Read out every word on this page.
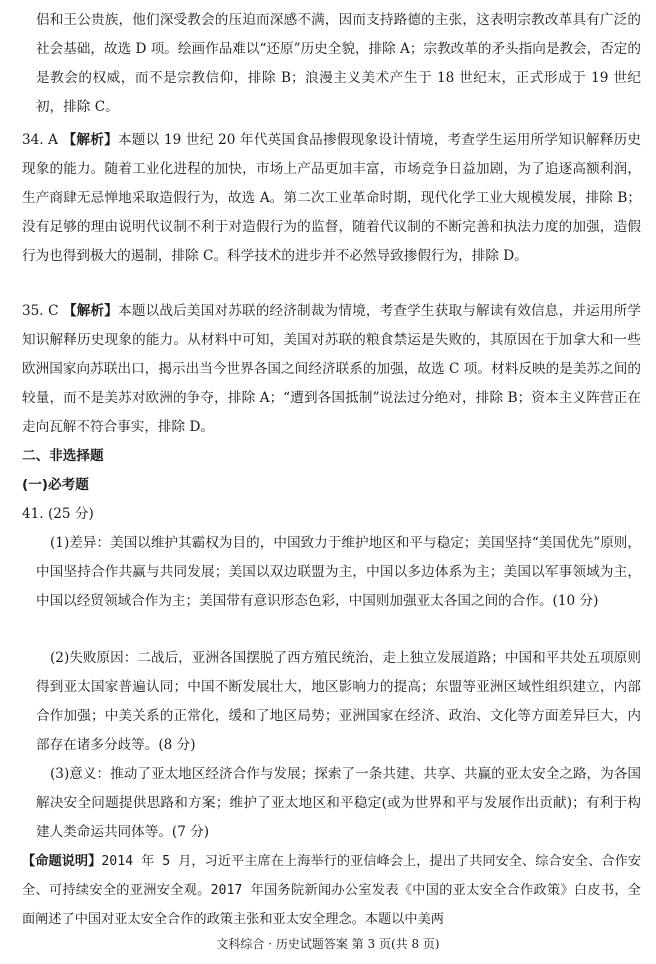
侣和王公贵族，他们深受教会的压迫而深感不满，因而支持路德的主张，这表明宗教改革具有广泛的社会基础，故选 D 项。绘画作品难以“还原”历史全貌，排除 A；宗教改革的矛头指向是教会，否定的是教会的权威，而不是宗教信仰，排除 B；浪漫主义美术产生于 18 世纪末，正式形成于 19 世纪初，排除 C。

34. A 【解析】本题以 19 世纪 20 年代英国食品掺假现象设计情境，考查学生运用所学知识解释历史现象的能力。随着工业化进程的加快，市场上产品更加丰富，市场竞争日益加剧，为了追逐高额利润，生产商肆无忌惮地采取造假行为，故选 A。第二次工业革命时期，现代化学工业大规模发展，排除 B；没有足够的理由说明代议制不利于对造假行为的监督，随着代议制的不断完善和执法力度的加强，造假行为也得到极大的遏制，排除 C。科学技术的进步并不必然导致掺假行为，排除 D。

35. C 【解析】本题以战后美国对苏联的经济制裁为情境，考查学生获取与解读有效信息，并运用所学知识解释历史现象的能力。从材料中可知，美国对苏联的粮食禁运是失败的，其原因在于加拿大和一些欧洲国家向苏联出口，揭示出当今世界各国之间经济联系的加强，故选 C 项。材料反映的是美苏之间的较量，而不是美苏对欧洲的争夺，排除 A；“遭到各国抵制”说法过分绝对，排除 B；资本主义阵营正在走向瓦解不符合事实，排除 D。

二、非选择题

(一)必考题

41. (25 分)

(1)差异：美国以维护其霸权为目的，中国致力于维护地区和平与稳定；美国坚持“美国优先”原则，中国坚持合作共赢与共同发展；美国以双边联盟为主，中国以多边体系为主；美国以军事领域为主，中国以经贸领域合作为主；美国带有意识形态色彩，中国则加强亚太各国之间的合作。(10 分)

(2)失败原因：二战后，亚洲各国摆脱了西方殖民统治，走上独立发展道路；中国和平共处五项原则得到亚太国家普遍认同；中国不断发展壮大，地区影响力的提高；东盟等亚洲区域性组织建立，内部合作加强；中美关系的正常化，缓和了地区局势；亚洲国家在经济、政治、文化等方面差异巨大，内部存在诸多分歧等。(8 分)

(3)意义：推动了亚太地区经济合作与发展；探索了一条共建、共享、共赢的亚太安全之路，为各国解决安全问题提供思路和方案；维护了亚太地区和平稳定(或为世界和平与发展作出贡献)；有利于构建人类命运共同体等。(7 分)

【命题说明】2014 年 5 月，习近平主席在上海举行的亚信峰会上，提出了共同安全、综合安全、合作安全、可持续安全的亚洲安全观。2017 年国务院新闻办公室发表《中国的亚太安全合作政策》白皮书，全面阐述了中国对亚太安全合作的政策主张和亚太安全理念。本题以中美两

文科综合 · 历史试题答案 第 3 页(共 8 页)
